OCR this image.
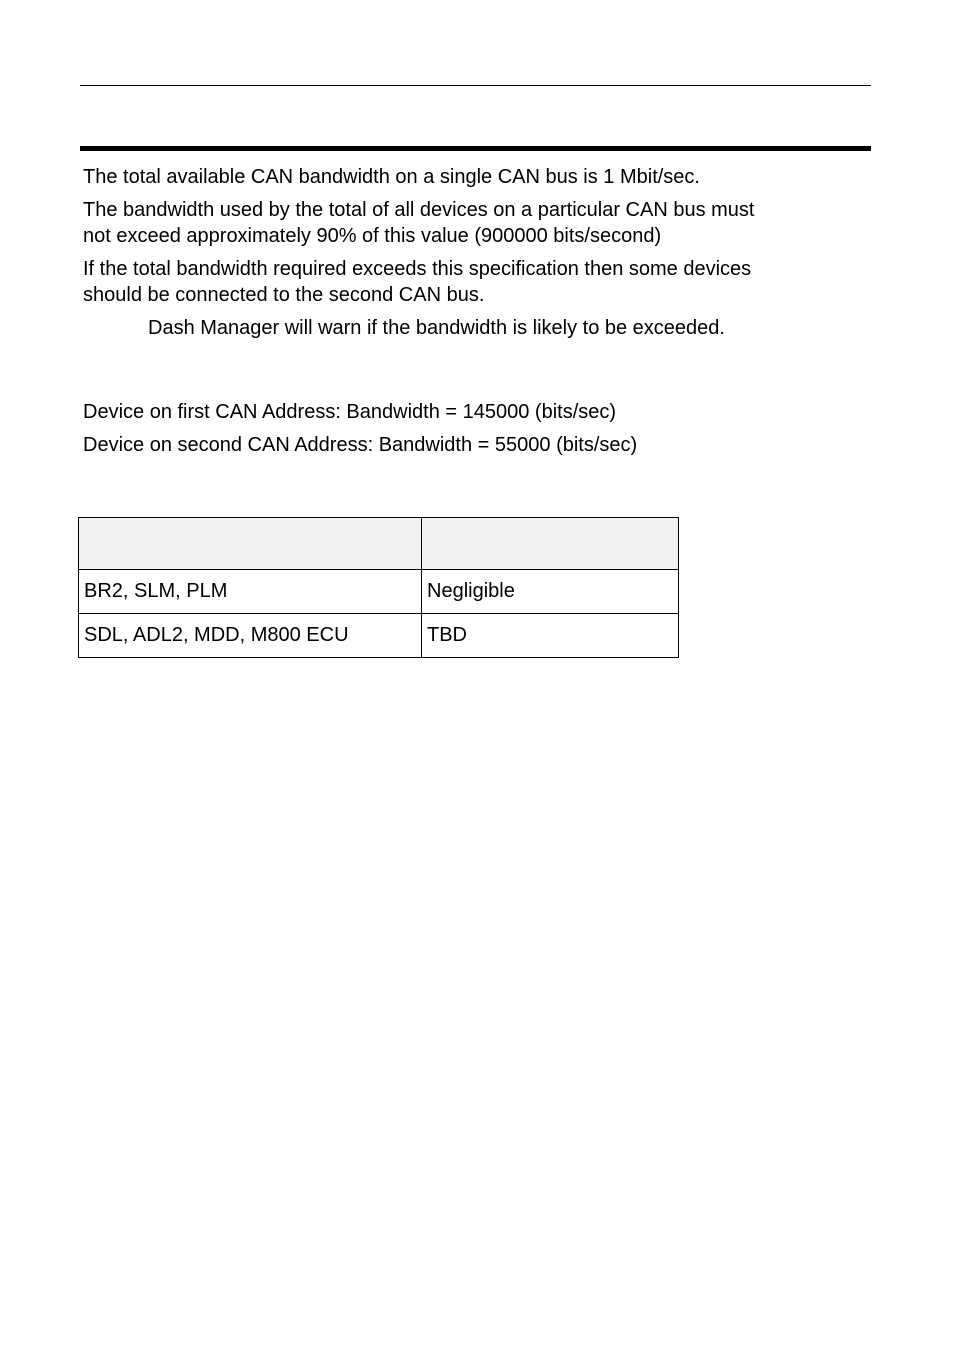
The total available CAN bandwidth on a single CAN bus is 1 Mbit/sec.

The bandwidth used by the total of all devices on a particular CAN bus must

not exceed approximately 90% of this value (900000 bits/second)

If the total bandwidth required exceeds this specification then some devices

should be connected to the second CAN bus.

Dash Manager will warn if the bandwidth is likely to be exceeded.

Device on first CAN Address: Bandwidth = 145000 (bits/sec)

Device on second CAN Address: Bandwidth = 55000 (bits/sec)

BR2, SLM, PLM	Negligible
SDL, ADL2, MDD, M800 ECU	TBD
